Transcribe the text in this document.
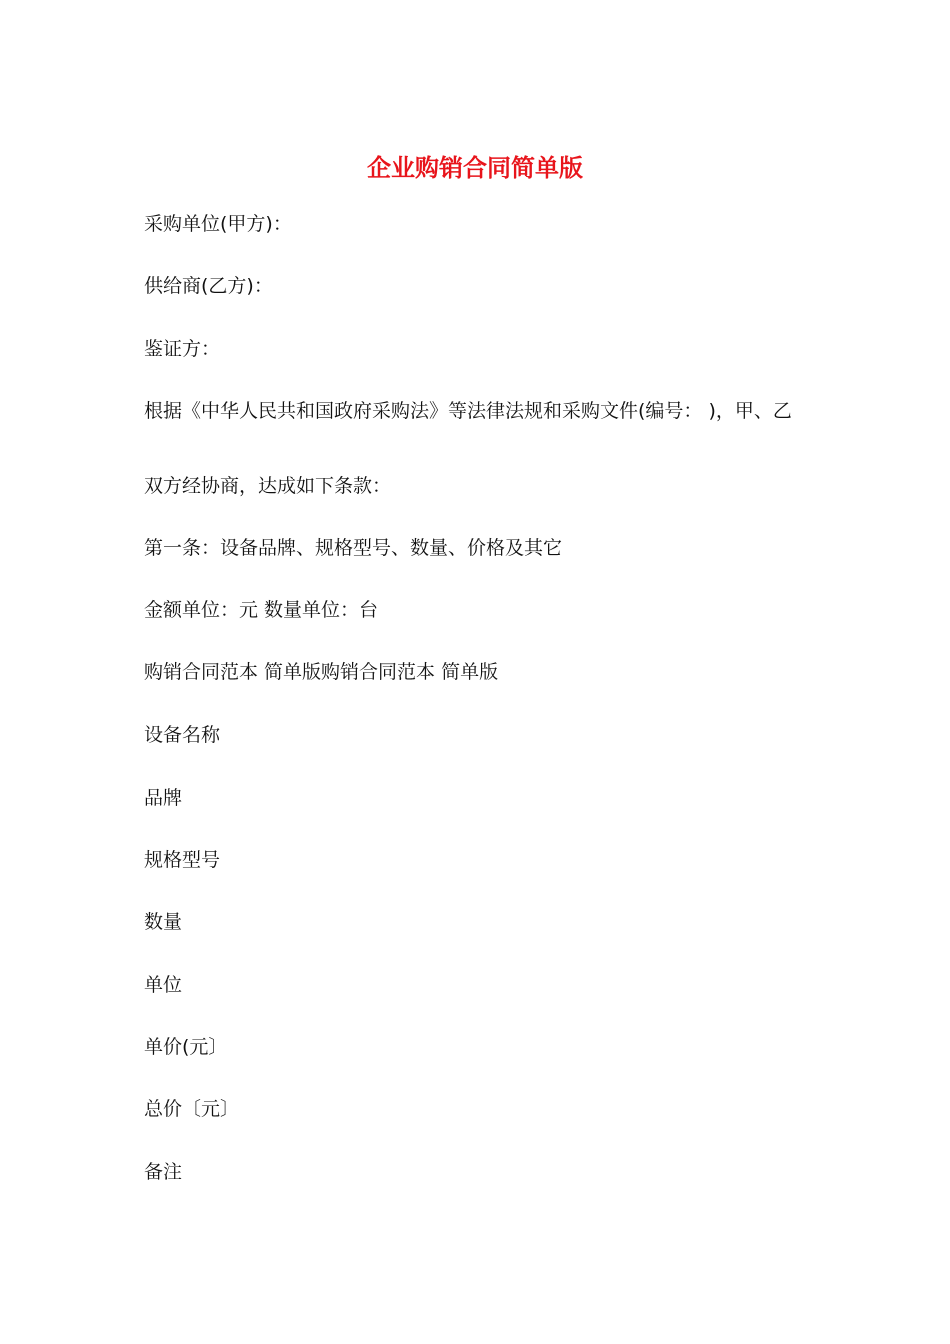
企业购销合同简单版
采购单位(甲方)：
供给商(乙方)：
鉴证方：
根据《中华人民共和国政府采购法》等法律法规和采购文件(编号： )，甲、乙
双方经协商，达成如下条款：
第一条：设备品牌、规格型号、数量、价格及其它
金额单位：元 数量单位：台
购销合同范本 简单版购销合同范本 简单版
设备名称
品牌
规格型号
数量
单位
单价(元〕
总价〔元〕
备注
